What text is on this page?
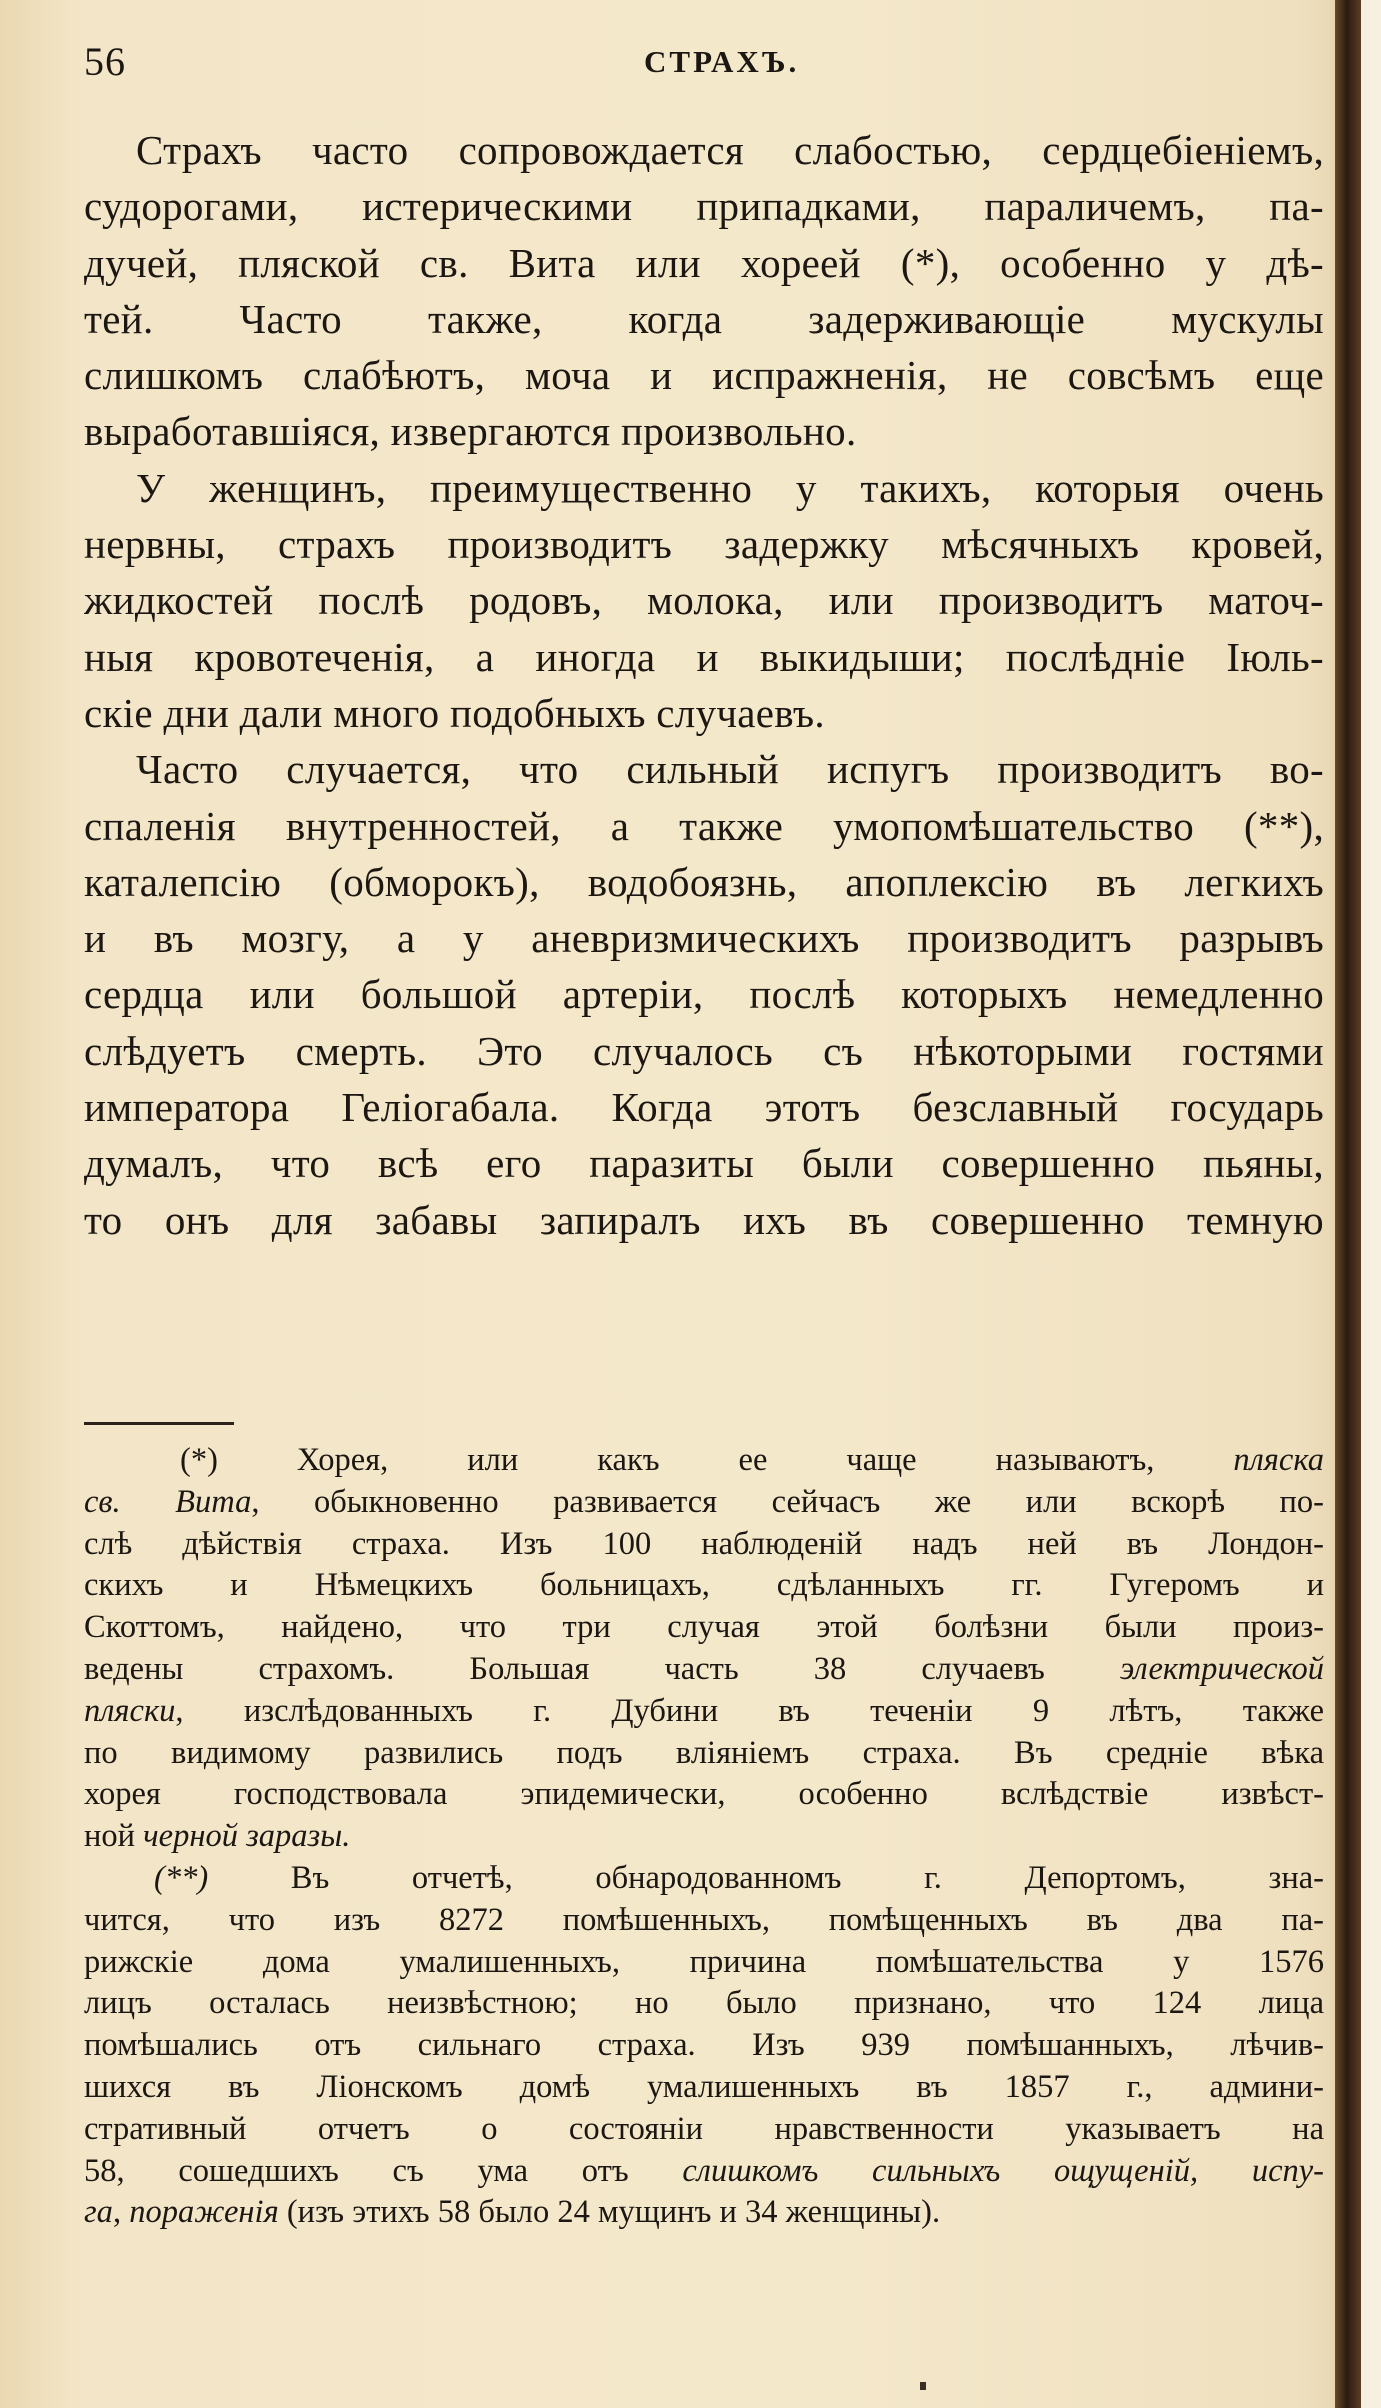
56	СТРАХЪ.
Страхъ часто сопровождается слабостью, сердцебіеніемъ,
судорогами, истерическими припадками, параличемъ, па-
дучей, пляской св. Вита или хореей (*), особенно у дѣ-
тей. Часто также, когда задерживающіе мускулы
слишкомъ слабѣютъ, моча и испражненія, не совсѣмъ еще
выработавшіяся, извергаются произвольно.
У женщинъ, преимущественно у такихъ, которыя очень
нервны, страхъ производитъ задержку мѣсячныхъ кровей,
жидкостей послѣ родовъ, молока, или производитъ маточ-
ныя кровотеченія, а иногда и выкидыши; послѣдніе Іюль-
скіе дни дали много подобныхъ случаевъ.
Часто случается, что сильный испугъ производитъ во-
спаленія внутренностей, а также умопомѣшательство (**),
каталепсію (обморокъ), водобоязнь, апоплексію въ легкихъ
и въ мозгу, а у аневризмическихъ производитъ разрывъ
сердца или большой артеріи, послѣ которыхъ немедленно
слѣдуетъ смерть. Это случалось съ нѣкоторыми гостями
императора Геліогабала. Когда этотъ безславный государь
думалъ, что всѣ его паразиты были совершенно пьяны,
то онъ для забавы запиралъ ихъ въ совершенно темную
(*) Хорея, или какъ ее чаще называютъ, пляска
св. Вита, обыкновенно развивается сейчасъ же или вскорѣ по-
слѣ дѣйствія страха. Изъ 100 наблюденій надъ ней въ Лондон-
скихъ и Нѣмецкихъ больницахъ, сдѣланныхъ гг. Гугеромъ и
Скоттомъ, найдено, что три случая этой болѣзни были произ-
ведены страхомъ. Большая часть 38 случаевъ электрической
пляски, изслѣдованныхъ г. Дубини въ теченіи 9 лѣтъ, также
по видимому развились подъ вліяніемъ страха. Въ средніе вѣка
хорея господствовала эпидемически, особенно вслѣдствіе извѣст-
ной черной заразы.
(**) Въ отчетѣ, обнародованномъ г. Депортомъ, зна-
чится, что изъ 8272 помѣшенныхъ, помѣщенныхъ въ два па-
рижскіе дома умалишенныхъ, причина помѣшательства у 1576
лицъ осталась неизвѣстною; но было признано, что 124 лица
помѣшались отъ сильнаго страха. Изъ 939 помѣшанныхъ, лѣчив-
шихся въ Ліонскомъ домѣ умалишенныхъ въ 1857 г., админи-
стративный отчетъ о состояніи нравственности указываетъ на
58, сошедшихъ съ ума отъ слишкомъ сильныхъ ощущеній, испу-
га, пораженія (изъ этихъ 58 было 24 мущинъ и 34 женщины).
